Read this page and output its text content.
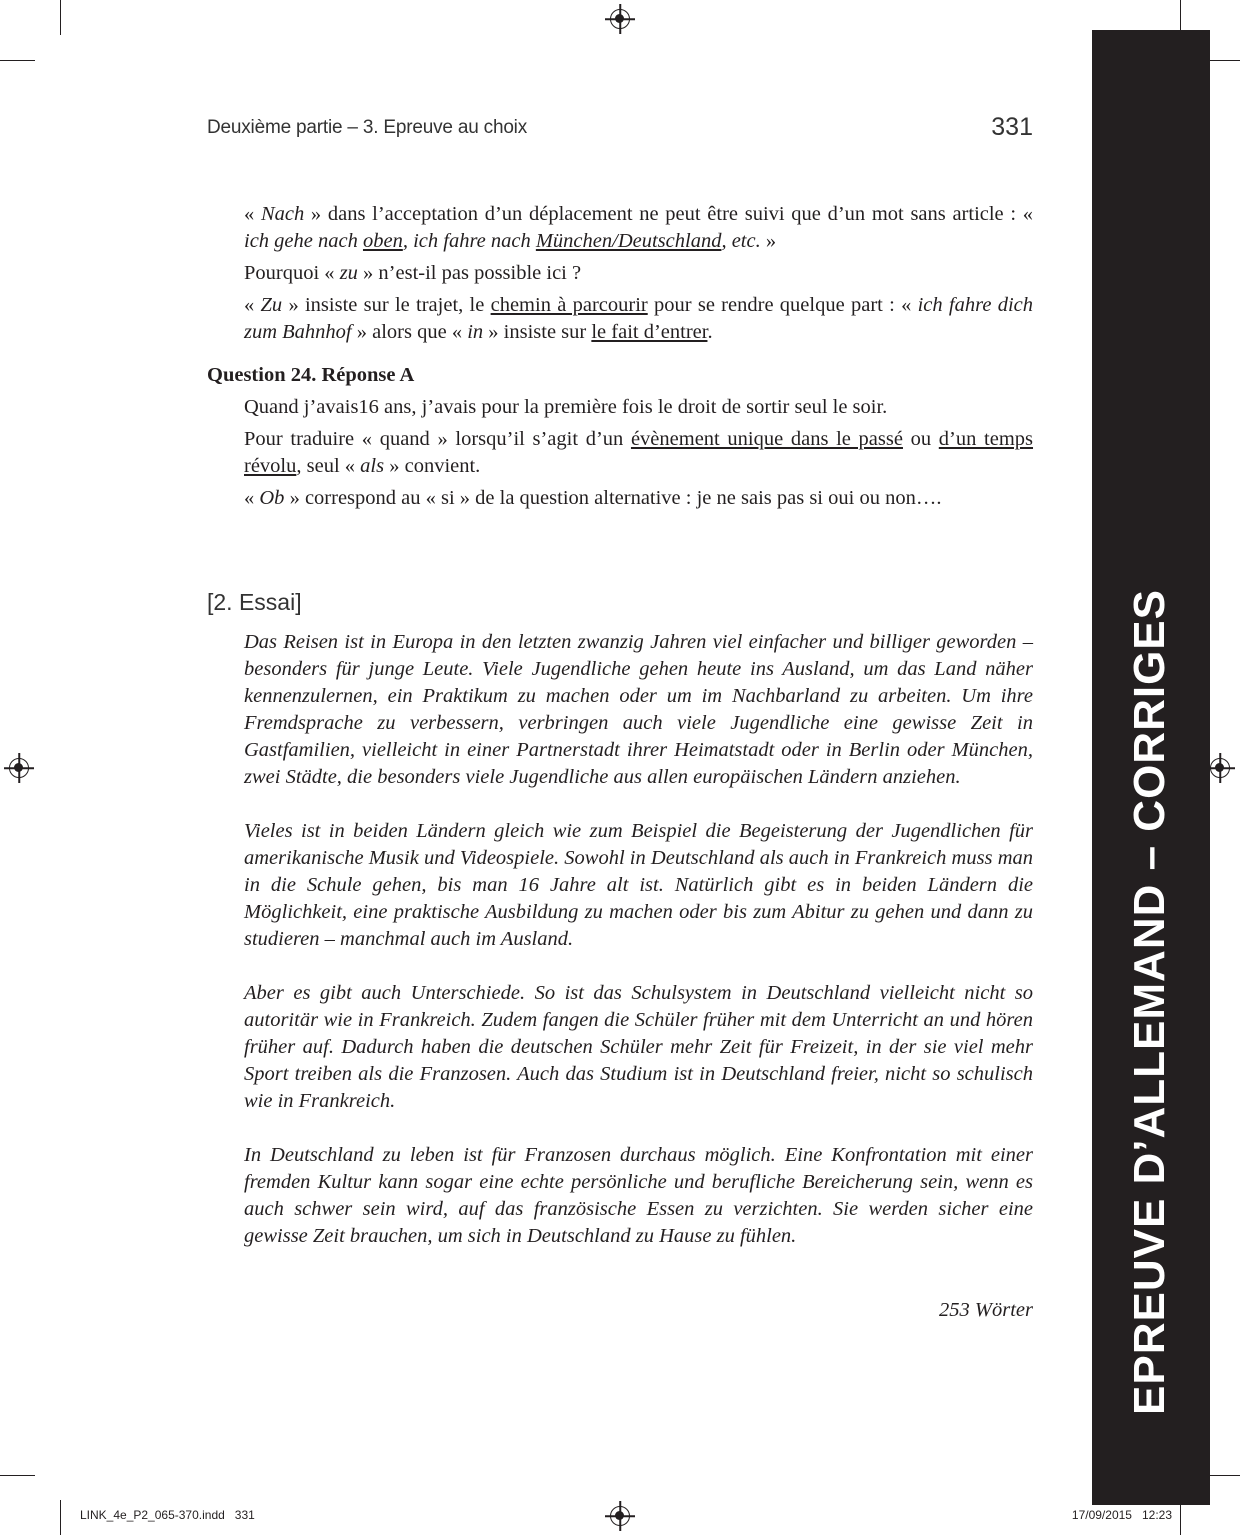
Deuxième partie – 3. Epreuve au choix	331
EPREUVE D’ALLEMAND – CORRIGES

« Nach » dans l’acceptation d’un déplacement ne peut être suivi que d’un mot sans article : « ich gehe nach oben, ich fahre nach München/Deutschland, etc. »

Pourquoi « zu » n’est-il pas possible ici ?

« Zu » insiste sur le trajet, le chemin à parcourir pour se rendre quelque part : « ich fahre dich zum Bahnhof » alors que « in » insiste sur le fait d’entrer.

Question 24. Réponse A

Quand j’avais16 ans, j’avais pour la première fois le droit de sortir seul le soir.

Pour traduire « quand » lorsqu’il s’agit d’un évènement unique dans le passé ou d’un temps révolu, seul « als » convient.

« Ob » correspond au « si » de la question alternative : je ne sais pas si oui ou non….

[2. Essai]

Das Reisen ist in Europa in den letzten zwanzig Jahren viel einfacher und billiger geworden – besonders für junge Leute. Viele Jugendliche gehen heute ins Ausland, um das Land näher kennenzulernen, ein Praktikum zu machen oder um im Nachbarland zu arbeiten. Um ihre Fremdsprache zu verbessern, verbringen auch viele Jugendliche eine gewisse Zeit in Gastfamilien, vielleicht in einer Partnerstadt ihrer Heimatstadt oder in Berlin oder München, zwei Städte, die besonders viele Jugendliche aus allen europäischen Ländern anziehen.

Vieles ist in beiden Ländern gleich wie zum Beispiel die Begeisterung der Jugendlichen für amerikanische Musik und Videospiele. Sowohl in Deutschland als auch in Frankreich muss man in die Schule gehen, bis man 16 Jahre alt ist. Natürlich gibt es in beiden Ländern die Möglichkeit, eine praktische Ausbildung zu machen oder bis zum Abitur zu gehen und dann zu studieren – manchmal auch im Ausland.

Aber es gibt auch Unterschiede. So ist das Schulsystem in Deutschland vielleicht nicht so autoritär wie in Frankreich. Zudem fangen die Schüler früher mit dem Unterricht an und hören früher auf. Dadurch haben die deutschen Schüler mehr Zeit für Freizeit, in der sie viel mehr Sport treiben als die Franzosen. Auch das Studium ist in Deutschland freier, nicht so schulisch wie in Frankreich.

In Deutschland zu leben ist für Franzosen durchaus möglich. Eine Konfrontation mit einer fremden Kultur kann sogar eine echte persönliche und berufliche Bereicherung sein, wenn es auch schwer sein wird, auf das französische Essen zu verzichten. Sie werden sicher eine gewisse Zeit brauchen, um sich in Deutschland zu Hause zu fühlen.

253 Wörter
LINK_4e_P2_065-370.indd   331	17/09/2015   12:23
